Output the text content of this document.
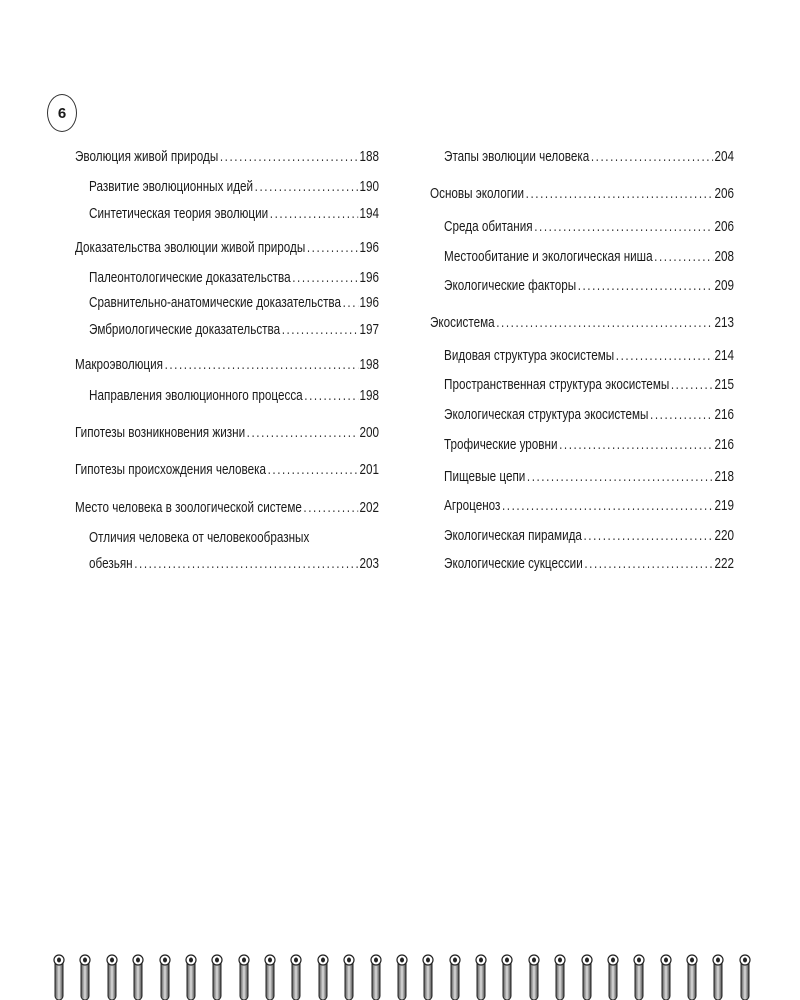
6
Эволюция живой природы .....	188
Развитие эволюционных идей .....	190
Синтетическая теория эволюции .....	194
Доказательства эволюции живой природы .....	196
Палеонтологические доказательства .....	196
Сравнительно-анатомические доказательства ..... 196
Эмбриологические доказательства .....	197
Макроэволюция .....	198
Направления эволюционного процесса .....	198
Гипотезы возникновения жизни .....	200
Гипотезы происхождения человека .....	201
Место человека в зоологической системе .....	202
Отличия человека от человекообразных
обезьян .....	203
Этапы эволюции человека .....	204
Основы экологии .....	206
Среда обитания .....	206
Местообитание и экологическая ниша .....	208
Экологические факторы .....	209
Экосистема .....	213
Видовая структура экосистемы .....	214
Пространственная структура экосистемы .....	215
Экологическая структура экосистемы .....	216
Трофические уровни .....	216
Пищевые цепи .....	218
Агроценоз .....	219
Экологическая пирамида .....	220
Экологические сукцессии .....	222
